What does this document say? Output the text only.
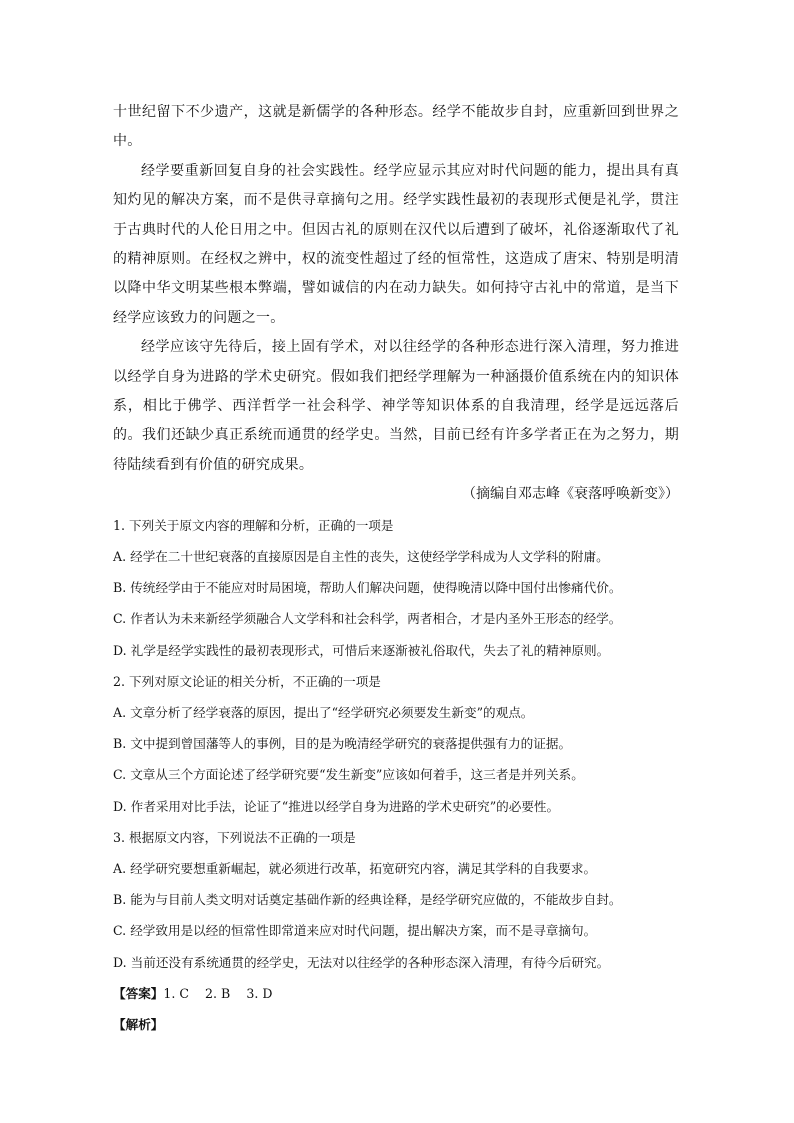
十世纪留下不少遗产，这就是新儒学的各种形态。经学不能故步自封，应重新回到世界之中。

经学要重新回复自身的社会实践性。经学应显示其应对时代问题的能力，提出具有真知灼见的解决方案，而不是供寻章摘句之用。经学实践性最初的表现形式便是礼学，贯注于古典时代的人伦日用之中。但因古礼的原则在汉代以后遭到了破坏，礼俗逐渐取代了礼的精神原则。在经权之辨中，权的流变性超过了经的恒常性，这造成了唐宋、特别是明清以降中华文明某些根本弊端，譬如诚信的内在动力缺失。如何持守古礼中的常道，是当下经学应该致力的问题之一。

经学应该守先待后，接上固有学术，对以往经学的各种形态进行深入清理，努力推进以经学自身为进路的学术史研究。假如我们把经学理解为一种涵摄价值系统在内的知识体系，相比于佛学、西洋哲学一社会科学、神学等知识体系的自我清理，经学是远远落后的。我们还缺少真正系统而通贯的经学史。当然，目前已经有许多学者正在为之努力，期待陆续看到有价值的研究成果。

（摘编自邓志峰《衰落呼唤新变》）

1. 下列关于原文内容的理解和分析，正确的一项是

A. 经学在二十世纪衰落的直接原因是自主性的丧失，这使经学学科成为人文学科的附庸。

B. 传统经学由于不能应对时局困境，帮助人们解决问题，使得晚清以降中国付出惨痛代价。

C. 作者认为未来新经学须融合人文学科和社会科学，两者相合，才是内圣外王形态的经学。

D. 礼学是经学实践性的最初表现形式，可惜后来逐渐被礼俗取代，失去了礼的精神原则。

2. 下列对原文论证的相关分析，不正确的一项是

A. 文章分析了经学衰落的原因，提出了“经学研究必须要发生新变”的观点。

B. 文中提到曾国藩等人的事例，目的是为晚清经学研究的衰落提供强有力的证据。

C. 文章从三个方面论述了经学研究要“发生新变”应该如何着手，这三者是并列关系。

D. 作者采用对比手法，论证了“推进以经学自身为进路的学术史研究”的必要性。

3. 根据原文内容，下列说法不正确的一项是

A. 经学研究要想重新崛起，就必须进行改革，拓宽研究内容，满足其学科的自我要求。

B. 能为与目前人类文明对话奠定基础作新的经典诠释，是经学研究应做的，不能故步自封。

C. 经学致用是以经的恒常性即常道来应对时代问题，提出解决方案，而不是寻章摘句。

D. 当前还没有系统通贯的经学史，无法对以往经学的各种形态深入清理，有待今后研究。

【答案】1. C    2. B    3. D

【解析】
